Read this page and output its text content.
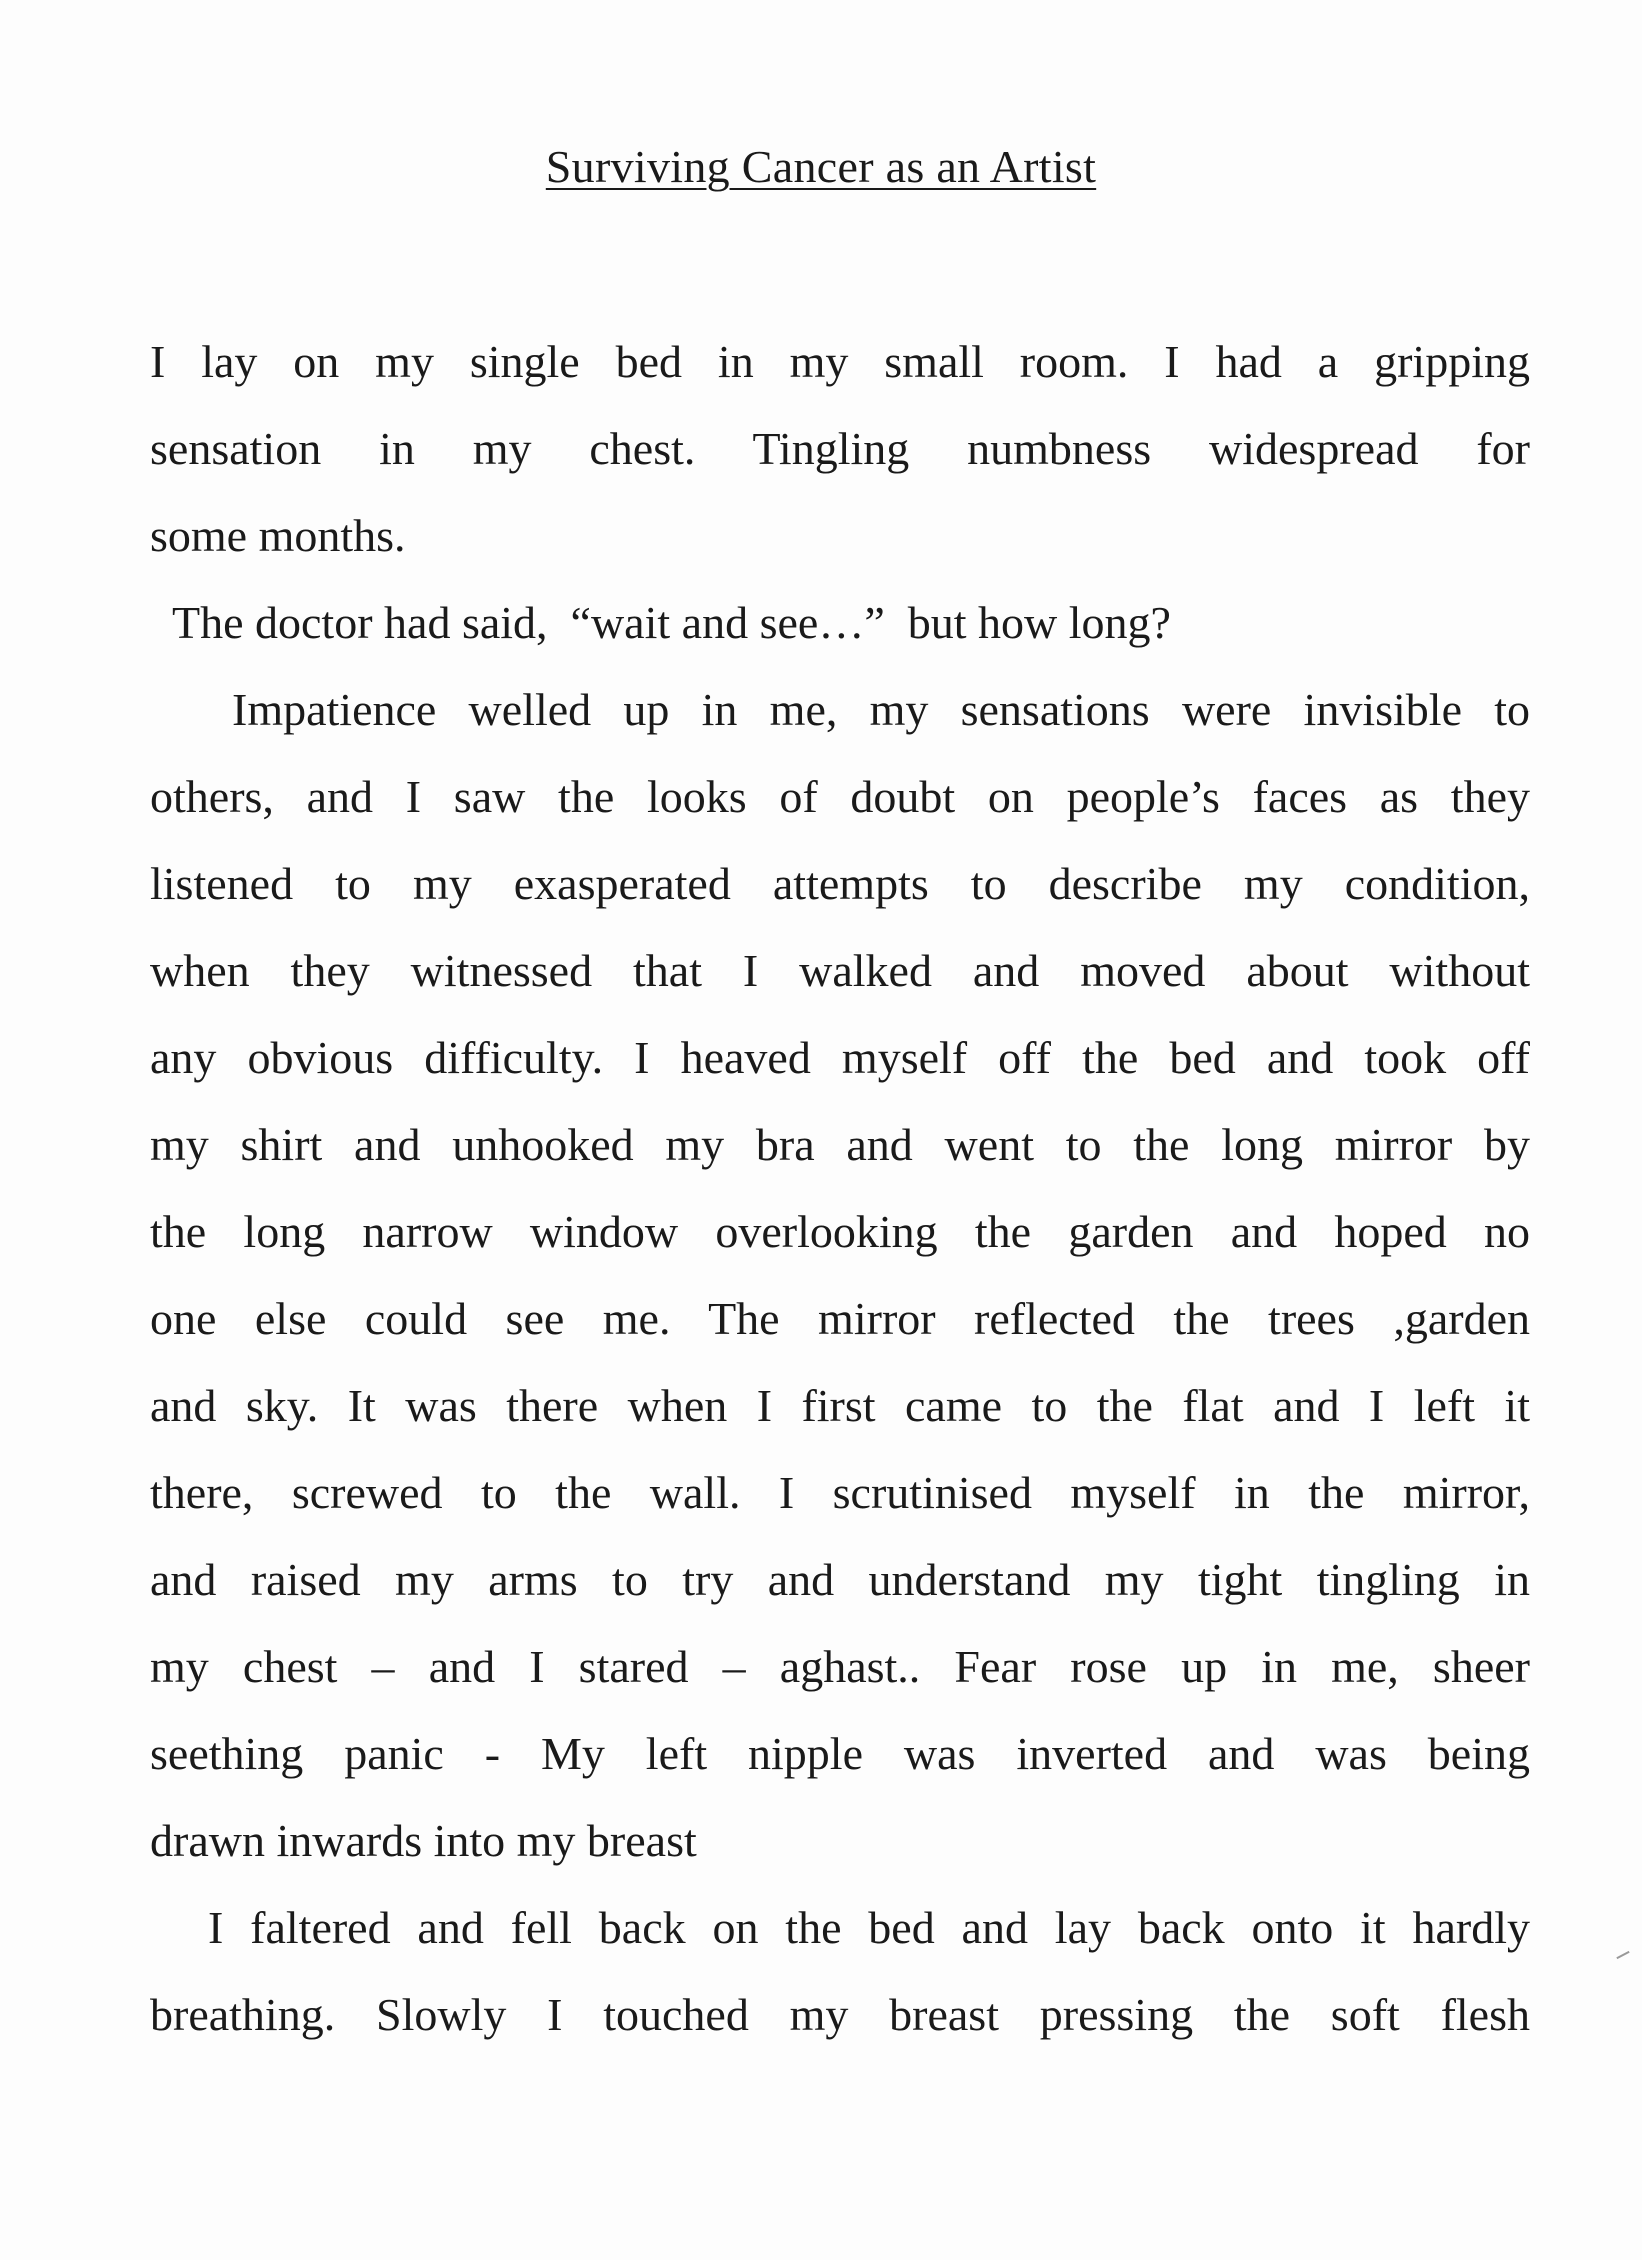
Surviving Cancer as an Artist
I lay on my single bed in my small room. I had a gripping
sensation in my chest. Tingling numbness widespread for
some months.
The doctor had said,  “wait and see…”  but how long?
Impatience welled up in me, my sensations were invisible to
others, and I saw the looks of doubt on people’s faces as they
listened to my exasperated attempts to describe my condition,
when they witnessed that I walked and moved about without
any obvious difficulty. I heaved myself off the bed and took off
my shirt and unhooked my bra and went to the long mirror by
the long narrow window overlooking the garden and hoped no
one else could see me. The mirror reflected the trees ,garden
and sky. It was there when I first came to the flat and I left it
there, screwed to the wall. I scrutinised myself in the mirror,
and raised my arms to try and understand my tight tingling in
my chest – and I stared – aghast.. Fear rose up in me, sheer
seething panic - My left nipple was inverted and was being
drawn inwards into my breast
I faltered and fell back on the bed and lay back onto it hardly
breathing. Slowly I touched my breast pressing the soft flesh
